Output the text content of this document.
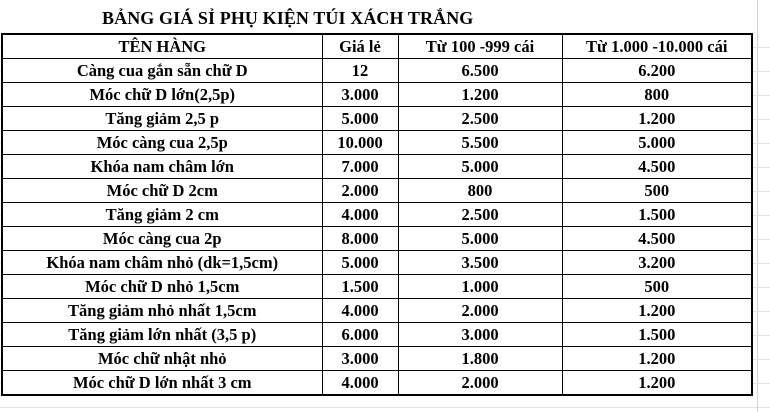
BẢNG GIÁ SỈ PHỤ KIỆN TÚI XÁCH TRẮNG
TÊN HÀNG	Giá lẻ	Từ 100 -999 cái	Từ 1.000 -10.000 cái
Càng cua gắn sẵn chữ D	12	6.500	6.200
Móc chữ D lớn(2,5p)	3.000	1.200	800
Tăng giảm 2,5 p	5.000	2.500	1.200
Móc càng cua 2,5p	10.000	5.500	5.000
Khóa nam châm lớn	7.000	5.000	4.500
Móc chữ D 2cm	2.000	800	500
Tăng giảm 2 cm	4.000	2.500	1.500
Móc càng cua 2p	8.000	5.000	4.500
Khóa nam châm nhỏ (dk=1,5cm)	5.000	3.500	3.200
Móc chữ D nhỏ 1,5cm	1.500	1.000	500
Tăng giảm nhỏ nhất 1,5cm	4.000	2.000	1.200
Tăng giảm lớn nhất (3,5 p)	6.000	3.000	1.500
Móc chữ nhật nhỏ	3.000	1.800	1.200
Móc chữ D lớn nhất 3 cm	4.000	2.000	1.200
